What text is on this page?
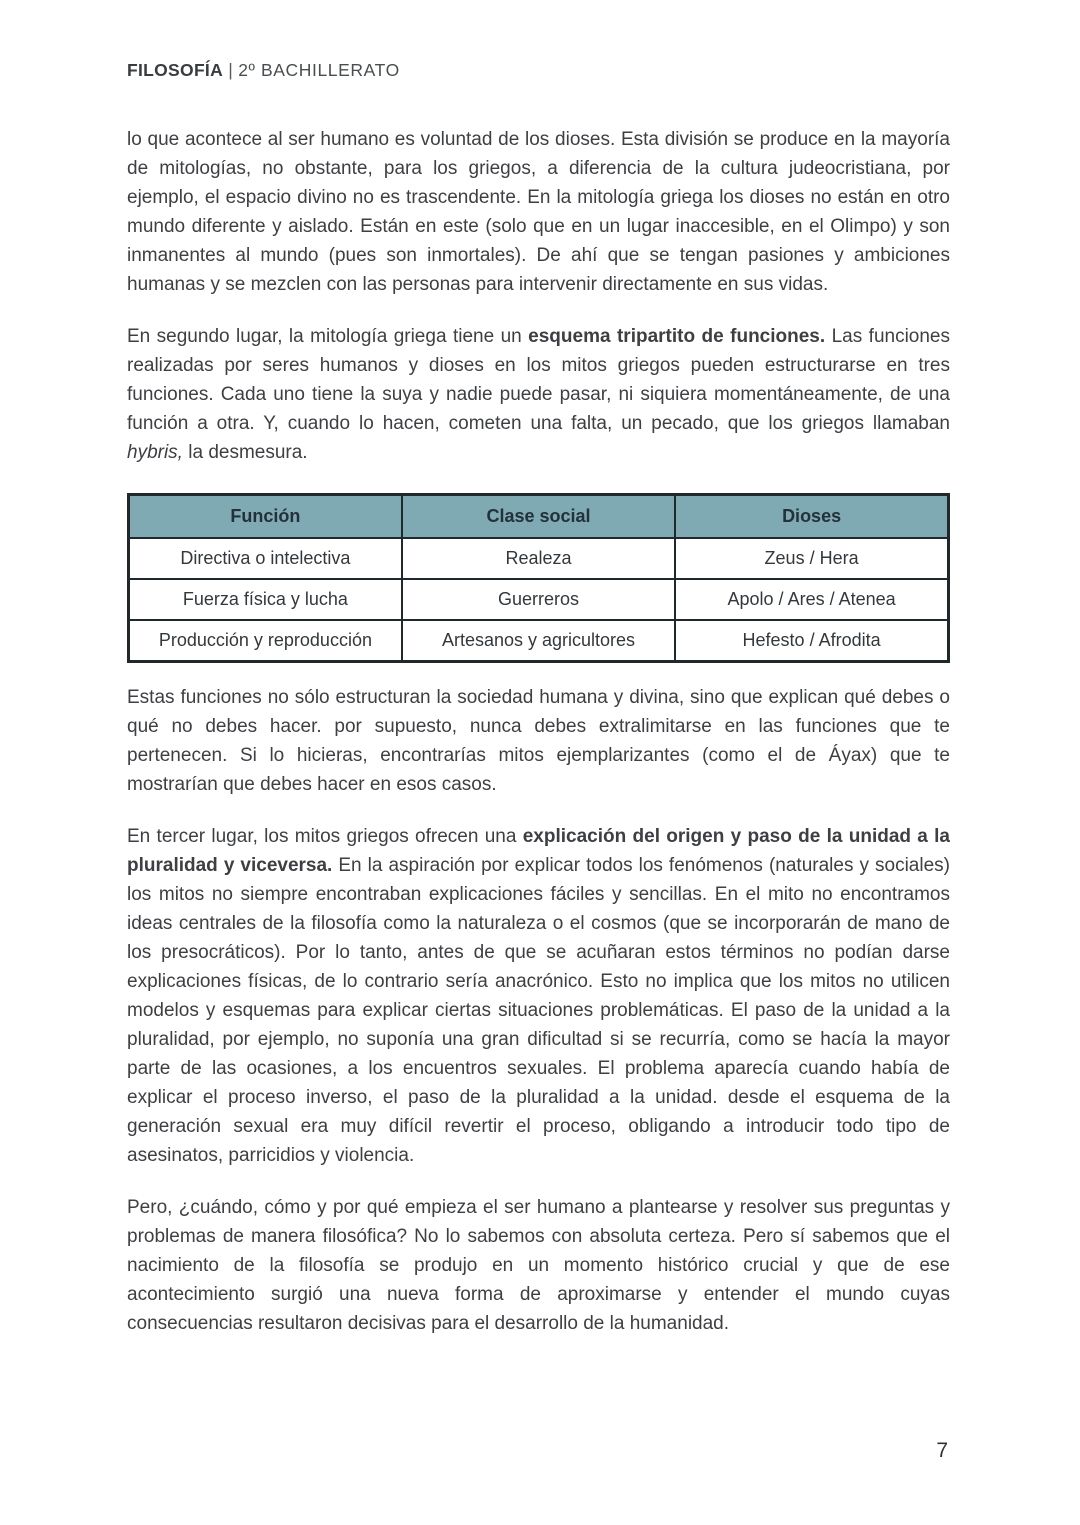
FILOSOFÍA | 2º BACHILLERATO

lo que acontece al ser humano es voluntad de los dioses. Esta división se produce en la mayoría de mitologías, no obstante, para los griegos, a diferencia de la cultura judeocristiana, por ejemplo, el espacio divino no es trascendente. En la mitología griega los dioses no están en otro mundo diferente y aislado. Están en este (solo que en un lugar inaccesible, en el Olimpo) y son inmanentes al mundo (pues son inmortales). De ahí que se tengan pasiones y ambiciones humanas y se mezclen con las personas para intervenir directamente en sus vidas.

En segundo lugar, la mitología griega tiene un esquema tripartito de funciones. Las funciones realizadas por seres humanos y dioses en los mitos griegos pueden estructurarse en tres funciones. Cada uno tiene la suya y nadie puede pasar, ni siquiera momentáneamente, de una función a otra. Y, cuando lo hacen, cometen una falta, un pecado, que los griegos llamaban hybris, la desmesura.

Función	Clase social	Dioses
Directiva o intelectiva	Realeza	Zeus / Hera
Fuerza física y lucha	Guerreros	Apolo / Ares / Atenea
Producción y reproducción	Artesanos y agricultores	Hefesto / Afrodita

Estas funciones no sólo estructuran la sociedad humana y divina, sino que explican qué debes o qué no debes hacer. por supuesto, nunca debes extralimitarse en las funciones que te pertenecen. Si lo hicieras, encontrarías mitos ejemplarizantes (como el de Áyax) que te mostrarían que debes hacer en esos casos.

En tercer lugar, los mitos griegos ofrecen una explicación del origen y paso de la unidad a la pluralidad y viceversa. En la aspiración por explicar todos los fenómenos (naturales y sociales) los mitos no siempre encontraban explicaciones fáciles y sencillas. En el mito no encontramos ideas centrales de la filosofía como la naturaleza o el cosmos (que se incorporarán de mano de los presocráticos). Por lo tanto, antes de que se acuñaran estos términos no podían darse explicaciones físicas, de lo contrario sería anacrónico. Esto no implica que los mitos no utilicen modelos y esquemas para explicar ciertas situaciones problemáticas. El paso de la unidad a la pluralidad, por ejemplo, no suponía una gran dificultad si se recurría, como se hacía la mayor parte de las ocasiones, a los encuentros sexuales. El problema aparecía cuando había de explicar el proceso inverso, el paso de la pluralidad a la unidad. desde el esquema de la generación sexual era muy difícil revertir el proceso, obligando a introducir todo tipo de asesinatos, parricidios y violencia.

Pero, ¿cuándo, cómo y por qué empieza el ser humano a plantearse y resolver sus preguntas y problemas de manera filosófica? No lo sabemos con absoluta certeza. Pero sí sabemos que el nacimiento de la filosofía se produjo en un momento histórico crucial y que de ese acontecimiento surgió una nueva forma de aproximarse y entender el mundo cuyas consecuencias resultaron decisivas para el desarrollo de la humanidad.

7
